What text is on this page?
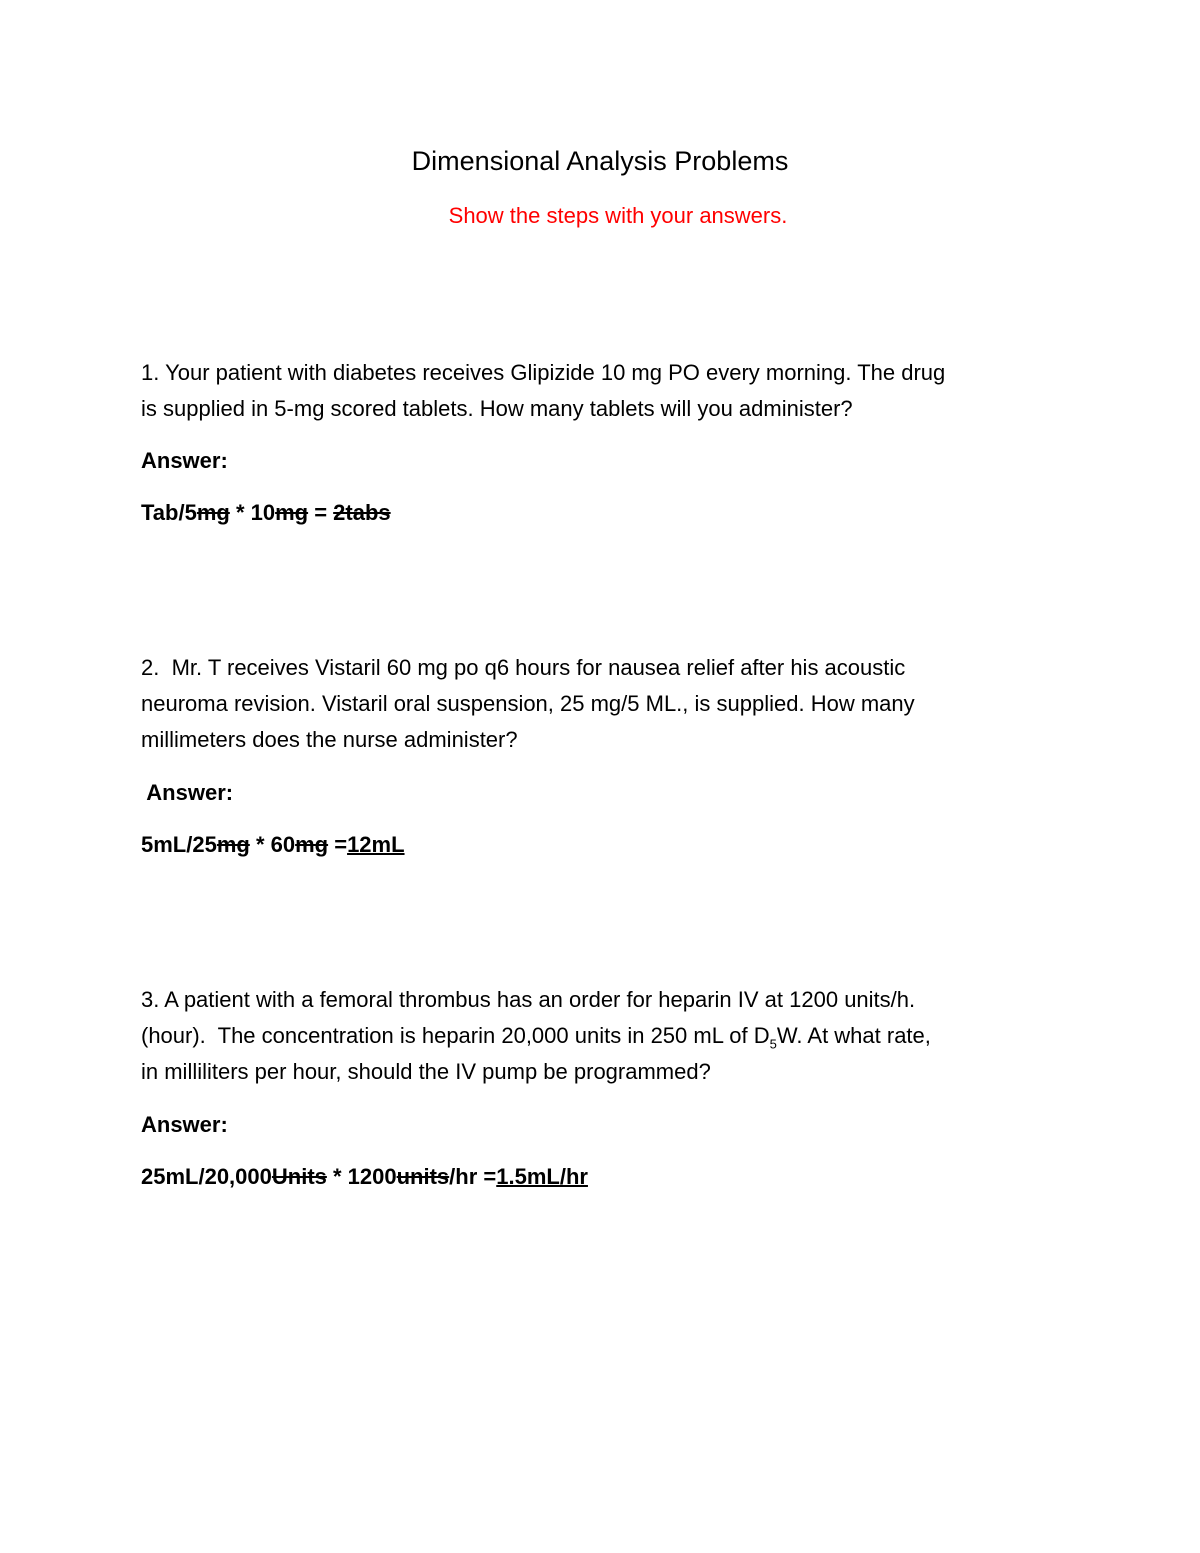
Dimensional Analysis Problems
Show the steps with your answers.
1. Your patient with diabetes receives Glipizide 10 mg PO every morning. The drug
is supplied in 5-mg scored tablets. How many tablets will you administer?
Answer:
Tab/5mg * 10mg = 2tabs
2.  Mr. T receives Vistaril 60 mg po q6 hours for nausea relief after his acoustic
neuroma revision. Vistaril oral suspension, 25 mg/5 ML., is supplied. How many
millimeters does the nurse administer?
Answer:
5mL/25mg * 60mg =12mL
3. A patient with a femoral thrombus has an order for heparin IV at 1200 units/h.
(hour).  The concentration is heparin 20,000 units in 250 mL of $D_5W$. At what rate,
in milliliters per hour, should the IV pump be programmed?
Answer:
25mL/20,000Units * 1200units/hr =1.5mL/hr
